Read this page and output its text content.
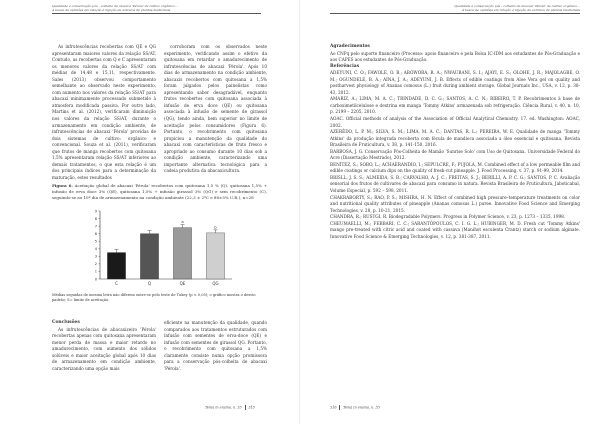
Qualidade e conservação pós - colheita de abacaxi 'Pérola' de cultivo orgânico...
Á busca de opiniões em relação à injeção de extratos de plantas medicinais

As infrutescências recobertas com QE e QG apresentaram maiores valores da relação SS/AT. Contudo, as recobertas com Q e C apresentaram os menores valores da relação SS/AT com médias de 14,48 e 15,11, respectivamente. Sales (2013) observou comportamento semelhante ao observado neste experimento, com aumento nos valores da relação SS/AT para abacaxi minimamente processado submetido à atmosfera modificada passiva. Por outro lado, Martins et al. (2012), verificaram diminuição nos valores da relação SS/AT, durante o armazenamento em condição ambiente, de infrutescências de abacaxi 'Pérola' providas de dois sistemas de cultivo: orgânico e convencional. Souza et al. (2011), verificaram que frutos de manga recobertos com quitosana 1,5% apresentaram relação SS/AT inferiores ao demais tratamentos, o que esta relação é um dos principais índices para a determinação da maturação, estes resultados

corroboram com os observados neste experimento, verificando assim o efetivo da quitosana em retardar o amadurecimento de infrutescências de abacaxi 'Pérola'. Após 10 dias de armazenamento na condição ambiente, abacaxis recobertos com quitosana a 1,5% foram julgados pelos painelistas como apresentando sabor desagradável, enquanto frutos recobertos com quitosana associada à infusão de erva doce (QE) ou quitosana associada à infusão de semente de girassol (QG), tendo ainda, bem superior no limite de aceitação pelos consumidores (Figura 6). Portanto, o recobrimento com quitosana propiciou a manutenção da qualidade do abacaxi com características de fruto fresco e apropriado ao consumo durante 10 dias sob a condição ambiente, caracterizando uma importante alternativa tecnológica para a cadeia produtiva da abacaxicultura.

Figura 6. Aceitação global de abacaxi 'Pérola' recobertos com quitosana 1,5 % (Q), quitosana 1,5% + infusão de erva doce 3% (QE), quitosana 1,5% + infusão girassol 3% (QG) e sem recobrimento (C), seguindo-se ao 10º dia de armazenamento na condição ambiente (22,3 ± 2ºC e 88±5% U.R.), n=28
0
1
2
3
4
5
6
7
8
9
C	Q	QE
a
QG
b
Médias seguidas de mesma letra não diferem entre-se pelo teste de Tukey (p < 0,05); o gráfico mostra o desvio padrão; S= limite de aceitação.
Conclusões

As infrutescências de abacaxizeiro 'Pérola' recobertas apenas com quitosana apresentaram menor perda de massa e maior retardo no amadurecimento, com aumento dos sólidos solúveis e maior aceitação global após 10 dias de armazenamento em condição ambiente, caracterizando uma opção mais

eficiente na manutenção da qualidade, quando comparados aos tratamentos estruturados com infusão com sementes de erva-doce (QE) e infusão com sementes de girassol QG. Portanto, o recobrimento com quitosana a 1,5% claramente consiste numa opção promissora para a conservação pós-colheita de abacaxi 'Pérola'.

Tema in ensino, n. 33 315
Qualidade e conservação pós - colheita de abacaxi 'Pérola' de cultivo orgânico...
Á busca de opiniões em relação à injeção de extratos de plantas medicinais
Agradecimentos

Ao CNPq pelo suporte financeiro (Processo: apoio financeiro e pela Bolsa IC-IDM aos estudantes de Pós-Graduação e aos CAPES aos estudantes de Pós-Graduação.

Referências

ADEYUNI, C. O.; FAWOLE, O. B.; ABOWORA, R. A.; NWAUBANI, S. I.; AJAYI, E. S.; OLOHE, J. R.; MAJOLAGBE, O. M.; OGUNDELE, B. A.; AINA, J. A.; ADEYUNI, J. B. Effects of edible coatings from Aloe Vera gel on quality and postharvest physiology of Ananas comosus (L.) fruit during ambient storage. Global Journals Inc., USA, v. 12, p. 38-43, 2012.

AMARIZ, A.; LIMA, M. A. C.; TRINDADE, D. C. G.; SANTOS, A. C. N.; RIBEIRO, T. P. Recobrimentos à base de carboximetilcelulose e dextrina em manga 'Tommy Atkins' armazenada sob refrigeração. Ciência Rural, v. 40, n. 10, p. 2199 – 2205, 2010.

AOAC. Official methods of analysis of the Association of Official Analytical Chemistry. 17. ed. Washington: AOAC, 2002.

AZERÊDO, L. P. M.; SILVA, S. M.; LIMA, M. A. C.; DANTAS, R. L.; PEREIRA, W. E. Qualidade de manga 'Tommy Atkins' da produção integrada recoberta com fécula de mandioca associada a óleo essencial e quitosana. Revista Brasileira de Fruticultura, v. 38, p. 141-150, 2016.

BARBOSA, J. G. Conservação Pós-Colheita de Mamão 'Sunrise Solo' com Uso de Quitosana. Universidade Federal do Acre (Dissertação Mestrado), 2012.

BENÍTEZ, S.; SOBO, L.; ACHAERANDIO, I.; SEPULCRE, F.; PUJOLÀ, M. Combined effect of a low permeable film and edible coatings or calcium dips on the quality of fresh-cut pineapple. J. Food Processing, v. 37, p. 91-99, 2014.

BRISLL, J. S. S.; ALMEIDA, S. B.; CARVALHO, A. J. C.; FREITAS, S. J.; BERILLI, A. P. C. G.; SANTOS, P. C. Avaliação sensorial dos frutos de cultivares de abacaxi para consumo in natura. Revista Brasileira de Fruticultura, Jaboticabal, Volume Especial, p. 592 – 598, 2011.

CHAKRABORTY, S.; RAO, P. S.; MISHRA, H. N. Effect of combined high pressure–temperature treatments on color and nutritional quality attributes of pineapple (Ananas comosus L.) puree. Innovative Food Science and Emerging Technologies, v. 28, p. 10-21, 2015.

CHANDRA, R.; RUSTGI, R. Biodegradable Polymers. Progress in Polymer Science, v. 23, p. 1273 – 1335, 1998.

CHEUMAELLI, M.; FEBBARI, C. C.; SARANTÓPOULOS, C. I. G. L.; HUBINGER, M. D. Fresh cut 'Tommy Atkins' mango pre-treated with citric acid and coated with cassava (Manihot esculenta Crantz) starch or sodium alginate. Innovative Food Science & Emerging Technologies, v. 12, p. 381-387, 2011.

316 Tema in ensino, n. 33
